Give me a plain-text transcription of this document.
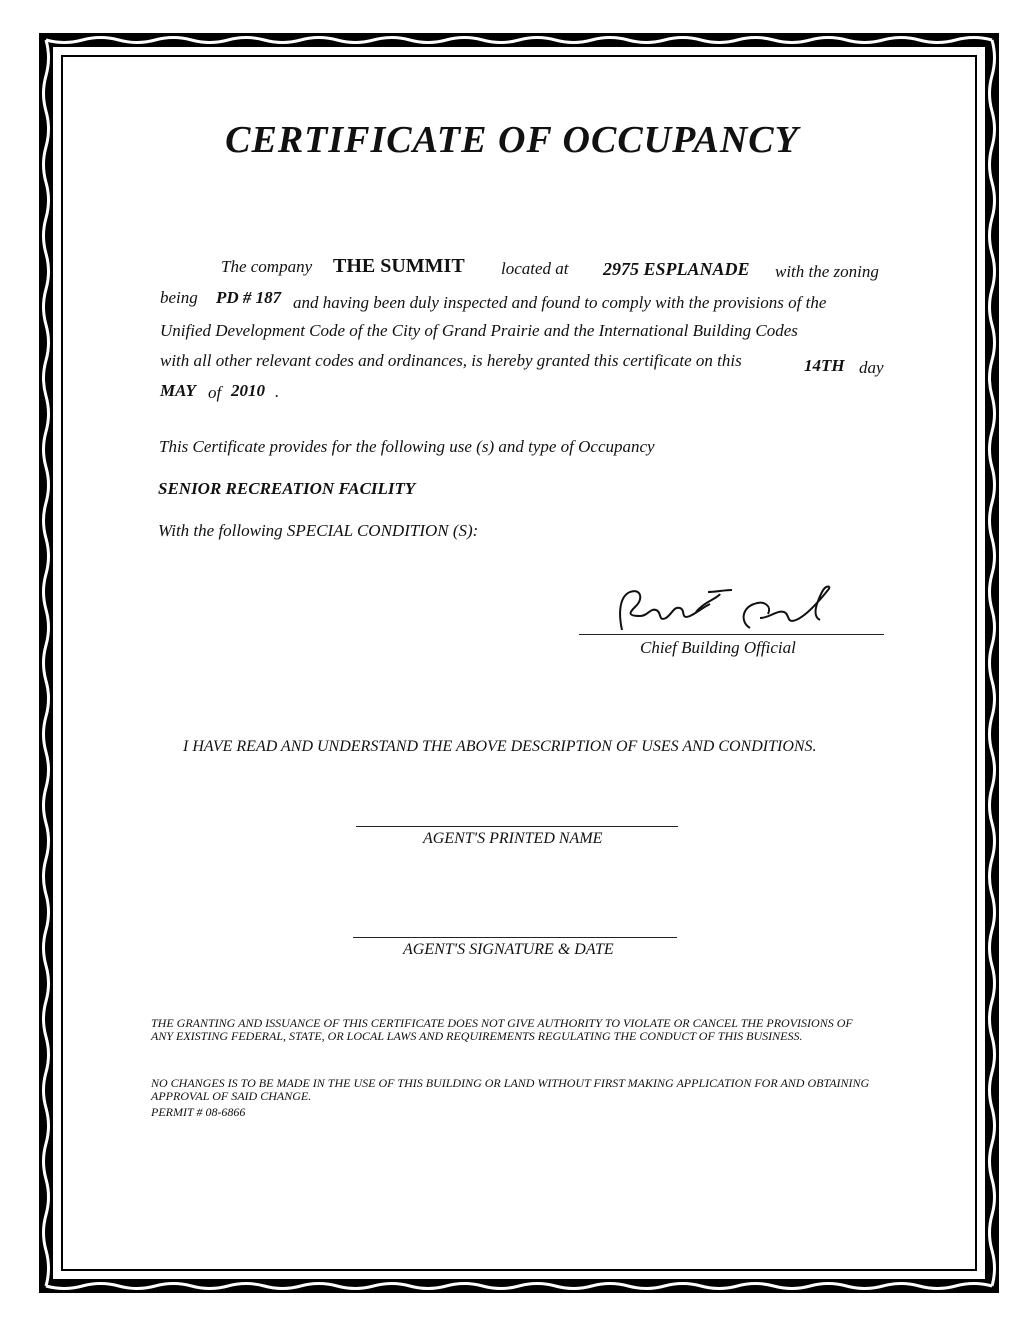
CERTIFICATE OF OCCUPANCY
The company THE SUMMIT located at 2975 ESPLANADE with the zoning
being PD # 187 and having been duly inspected and found to comply with the provisions of the
Unified Development Code of the City of Grand Prairie and the International Building Codes
with all other relevant codes and ordinances, is hereby granted this certificate on this	14TH day
MAY of 2010 .
This Certificate provides for the following use (s) and type of Occupancy
SENIOR RECREATION FACILITY
With the following SPECIAL CONDITION (S):
Chief Building Official
I HAVE READ AND UNDERSTAND THE ABOVE DESCRIPTION OF USES AND CONDITIONS.
AGENT'S PRINTED NAME
AGENT'S SIGNATURE & DATE
THE GRANTING AND ISSUANCE OF THIS CERTIFICATE DOES NOT GIVE AUTHORITY TO VIOLATE OR CANCEL THE PROVISIONS OF ANY EXISTING FEDERAL, STATE, OR LOCAL LAWS AND REQUIREMENTS REGULATING THE CONDUCT OF THIS BUSINESS.
NO CHANGES IS TO BE MADE IN THE USE OF THIS BUILDING OR LAND WITHOUT FIRST MAKING APPLICATION FOR AND OBTAINING APPROVAL OF SAID CHANGE.
PERMIT # 08-6866
